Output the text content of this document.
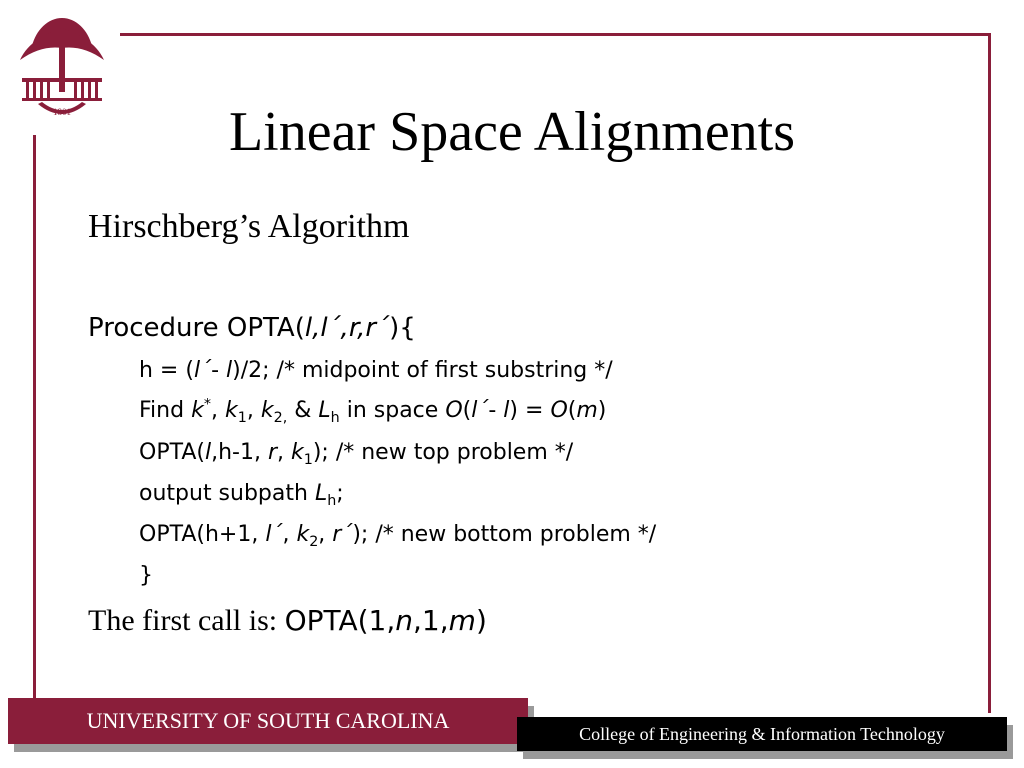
1801	Linear Space Alignments
Hirschberg’s Algorithm
Procedure OPTA(l,l´,r,r´){
h = (l´- l)/2; /* midpoint of first substring */
Find k*, $k_1$, $k_{2,}$ & $L_h$ in space O(l´- l) = O(m)
OPTA(l,h-1, r, $k_1$); /* new top problem */
output subpath $L_h$;
OPTA(h+1, l´, $k_2$, r´); /* new bottom problem */
}
The first call is: OPTA(1,n,1,m)
UNIVERSITY OF SOUTH CAROLINA
College of Engineering & Information Technology
